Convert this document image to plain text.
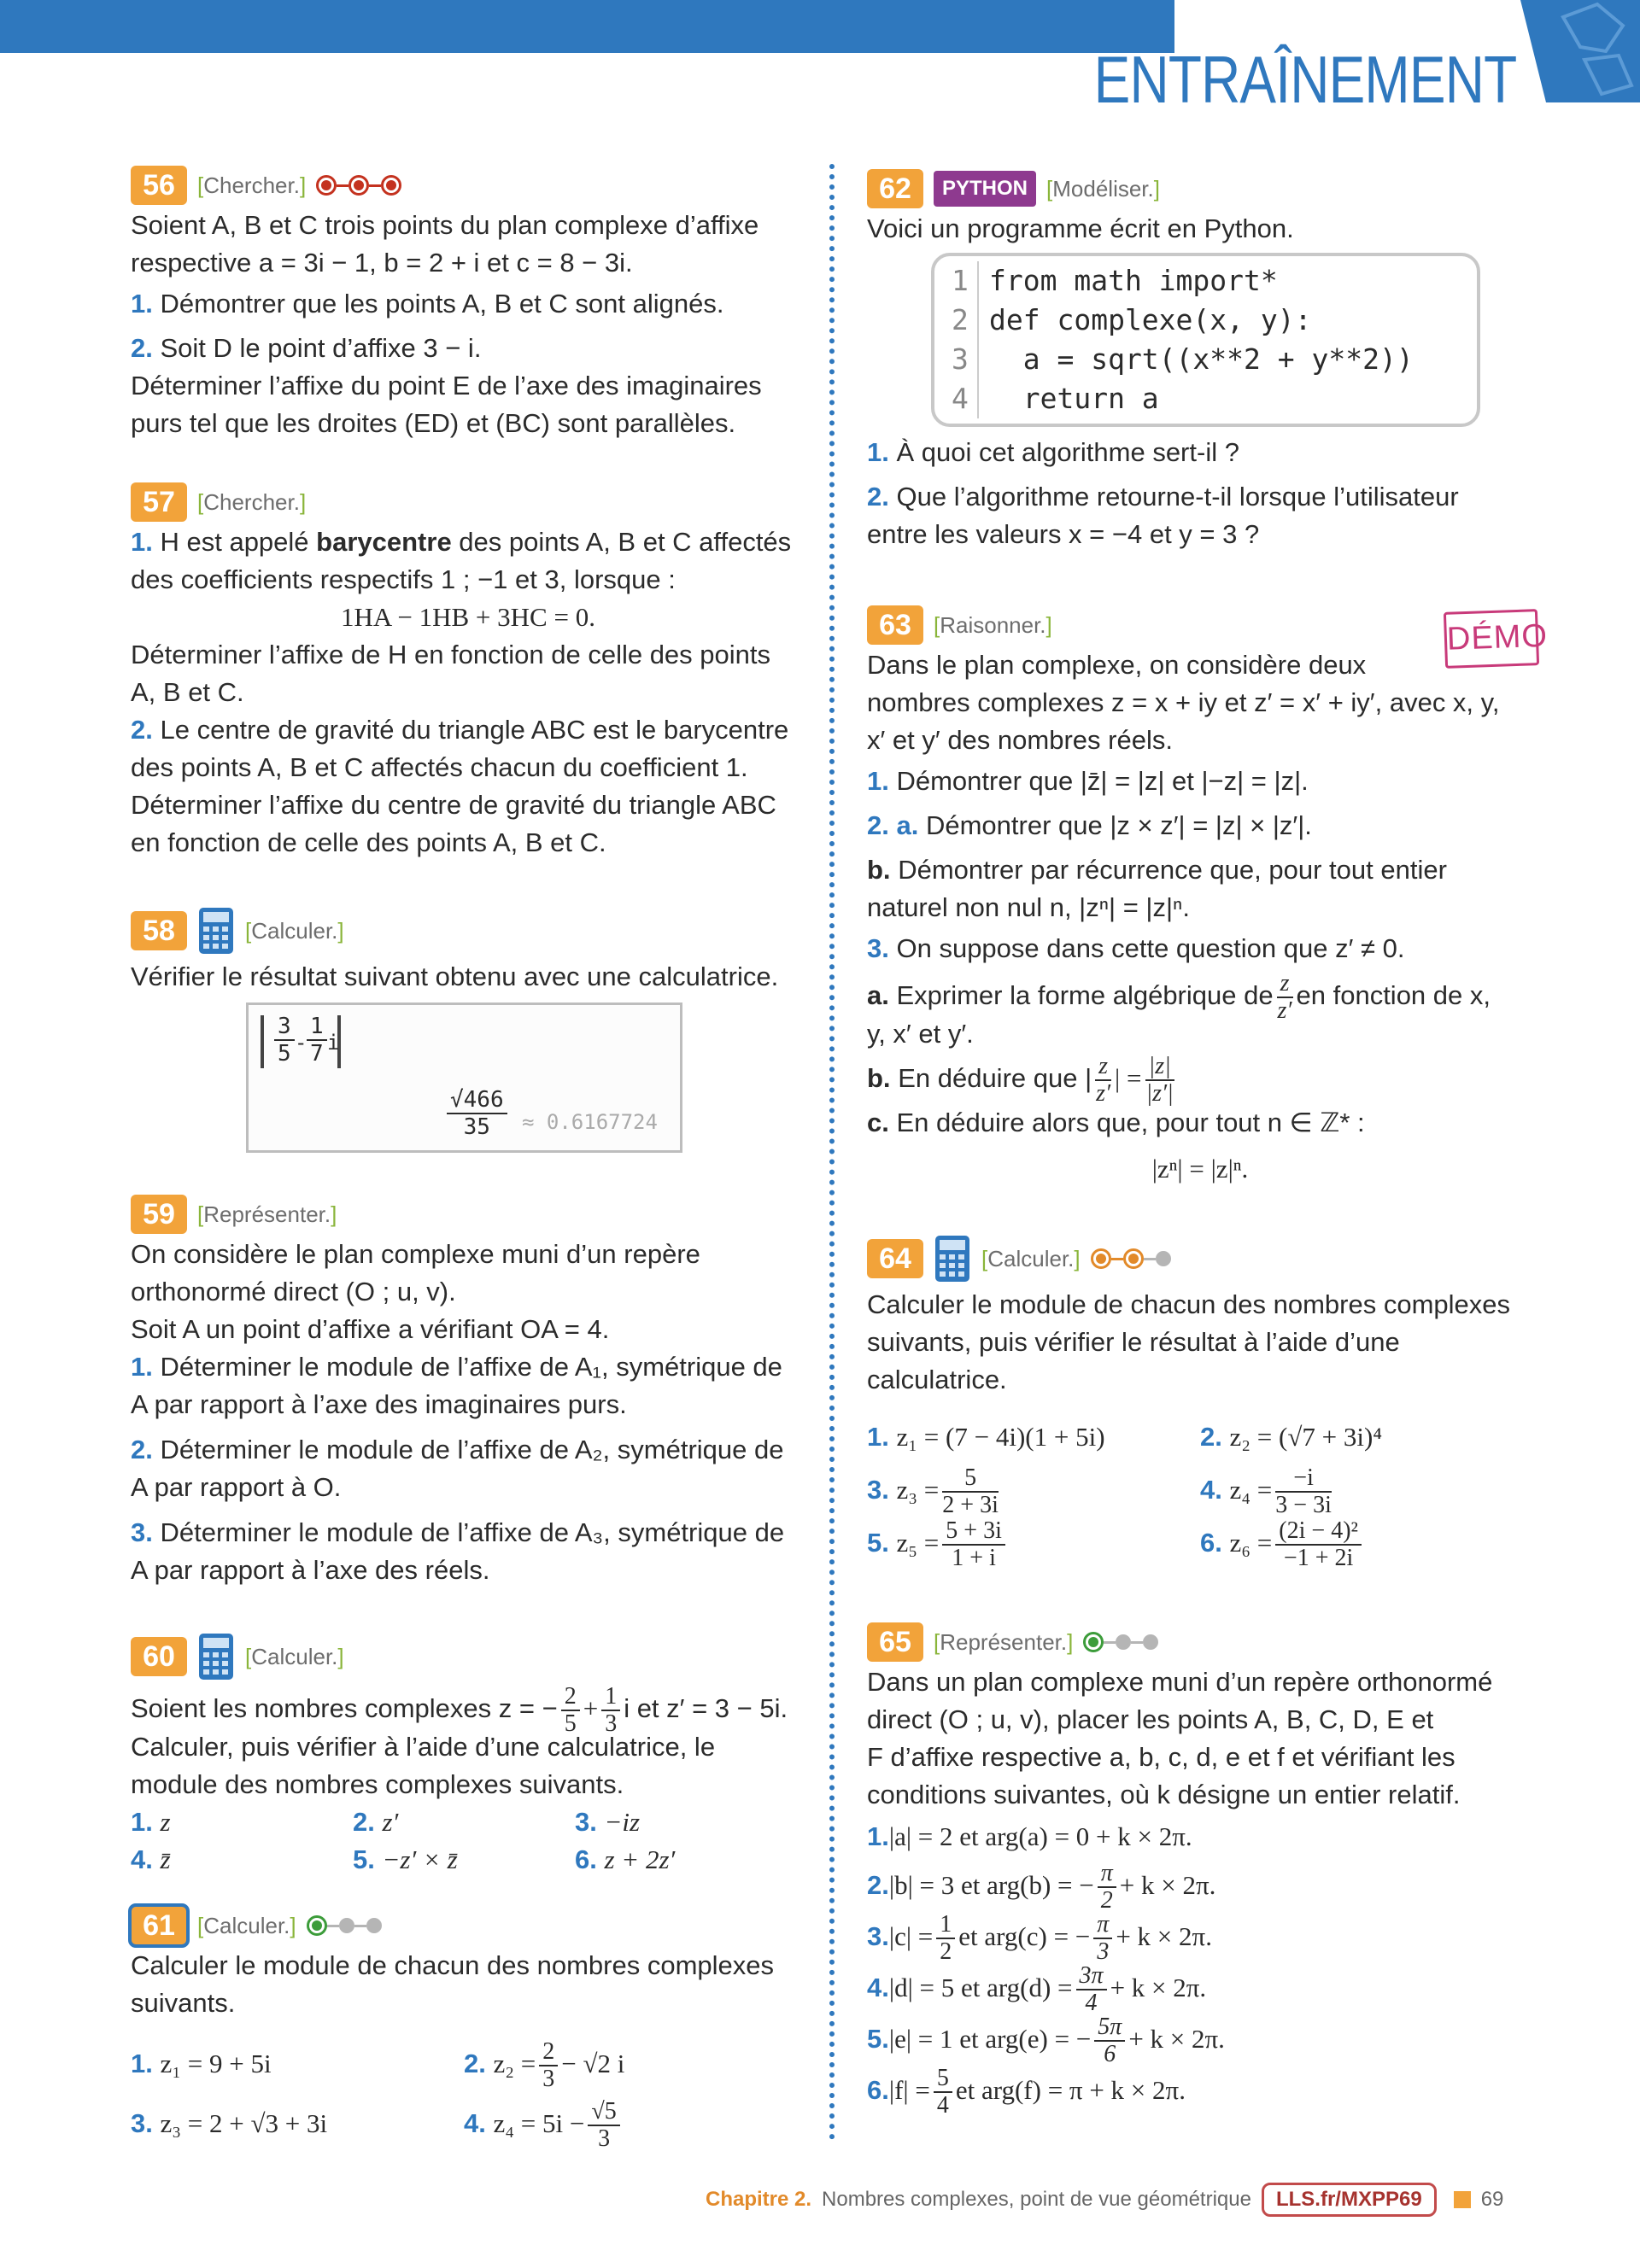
ENTRAÎNEMENT
56	[ Chercher. ]

Soient A, B et C trois points du plan complexe d’affixe

respective a = 3i − 1, b = 2 + i et c = 8 − 3i.

1. Démontrer que les points A, B et C sont alignés.

2. Soit D le point d’affixe 3 − i.

Déterminer l’affixe du point E de l’axe des imaginaires

purs tel que les droites (ED) et (BC) sont parallèles.

57	[ Chercher. ]

1. H est appelé barycentre des points A, B et C affectés

des coefficients respectifs 1 ; −1 et 3, lorsque :

1HA − 1HB + 3HC = 0.

Déterminer l’affixe de H en fonction de celle des points

A, B et C.

2. Le centre de gravité du triangle ABC est le barycentre

des points A, B et C affectés chacun du coefficient 1.

Déterminer l’affixe du centre de gravité du triangle ABC

en fonction de celle des points A, B et C.

58	[ Calculer. ]

Vérifier le résultat suivant obtenu avec une calculatrice.

$\frac{3}{5} - \frac{1}{7}$ i
$\frac{√466}{35} \approx 0.6167724$
59	[ Représenter. ]

On considère le plan complexe muni d’un repère

orthonormé direct (O ; u, v).

Soit A un point d’affixe a vérifiant OA = 4.

1. Déterminer le module de l’affixe de A₁, symétrique de

A par rapport à l’axe des imaginaires purs.

2. Déterminer le module de l’affixe de A₂, symétrique de

A par rapport à O.

3. Déterminer le module de l’affixe de A₃, symétrique de

A par rapport à l’axe des réels.

60	[ Calculer. ]

Soient les nombres complexes z = − $\frac{2}{5} + \frac{1}{3}$ i et z′ = 3 − 5i.

Calculer, puis vérifier à l’aide d’une calculatrice, le

module des nombres complexes suivants.

1. z	2. z′	3. −iz

4. z̄	5. −z′ × z̄	6. z + 2z′

61	[ Calculer. ]

Calculer le module de chacun des nombres complexes

suivants.

1. z₁ = 9 + 5i	2. $z_2 = \frac{2}{3} - √2$ i

3. z₃ = 2 + √3 + 3i	4. $z_4 = 5i - \frac{√5}{3}$

62	PYTHON	[ Modéliser. ]

Voici un programme écrit en Python.

1 from math import*
2 def complexe(x, y):
3  a = sqrt((x**2 + y**2))
4  return a

1. À quoi cet algorithme sert-il ?

2. Que l’algorithme retourne-t-il lorsque l’utilisateur

entre les valeurs x = −4 et y = 3 ?

63	[ Raisonner. ]	DÉMO

Dans le plan complexe, on considère deux

nombres complexes z = x + iy et z′ = x′ + iy′, avec x, y,

x′ et y′ des nombres réels.

1. Démontrer que |z̄| = |z| et |−z| = |z|.

2. a. Démontrer que |z × z′| = |z| × |z′|.

b. Démontrer par récurrence que, pour tout entier

naturel non nul n, |zⁿ| = |z|ⁿ.

3. On suppose dans cette question que z′ ≠ 0.

a. Exprimer la forme algébrique de $\frac{z}{z'}$ en fonction de x,

y, x′ et y′.

b. En déduire que | $\frac{z}{z'}$ | = $\frac{|z|}{|z'|}$

c. En déduire alors que, pour tout n ∈ ℤ* :

|zⁿ| = |z|ⁿ.

64	[ Calculer. ]

Calculer le module de chacun des nombres complexes

suivants, puis vérifier le résultat à l’aide d’une

calculatrice.

1. z₁ = (7 − 4i)(1 + 5i)	2. z₂ = (√7 + 3i)⁴

3. $z_3 = \frac{5}{2 + 3i}$	4. $z_4 = \frac{-i}{3 - 3i}$

5. $z_5 = \frac{5 + 3i}{1 + i}$	6. $z_6 = \frac{\text{(2i − 4)²}}{-1 + 2i}$

65	[ Représenter. ]

Dans un plan complexe muni d’un repère orthonormé

direct (O ; u, v), placer les points A, B, C, D, E et

F d’affixe respective a, b, c, d, e et f et vérifiant les

conditions suivantes, où k désigne un entier relatif.

1.|a| = 2 et arg(a) = 0 + k × 2π.

2.|b| = 3 et arg(b) = − $\frac{\pi}{2} + k \times 2\pi$.

$3.|c| = \frac{1}{2}$ et arg(c) = − $\frac{\pi}{3} + k \times 2\pi$.

4.|d| = 5 et $arg(d) = \frac{3\pi}{4} + k \times 2\pi$.

5.|e| = 1 et arg(e) = − $\frac{5\pi}{6} + k \times 2\pi$.

$6.|f| = \frac{5}{4}$ et arg(f) = π + k × 2π.

Chapitre 2. Nombres complexes, point de vue géométrique	LLS.fr/MXPP69	69
